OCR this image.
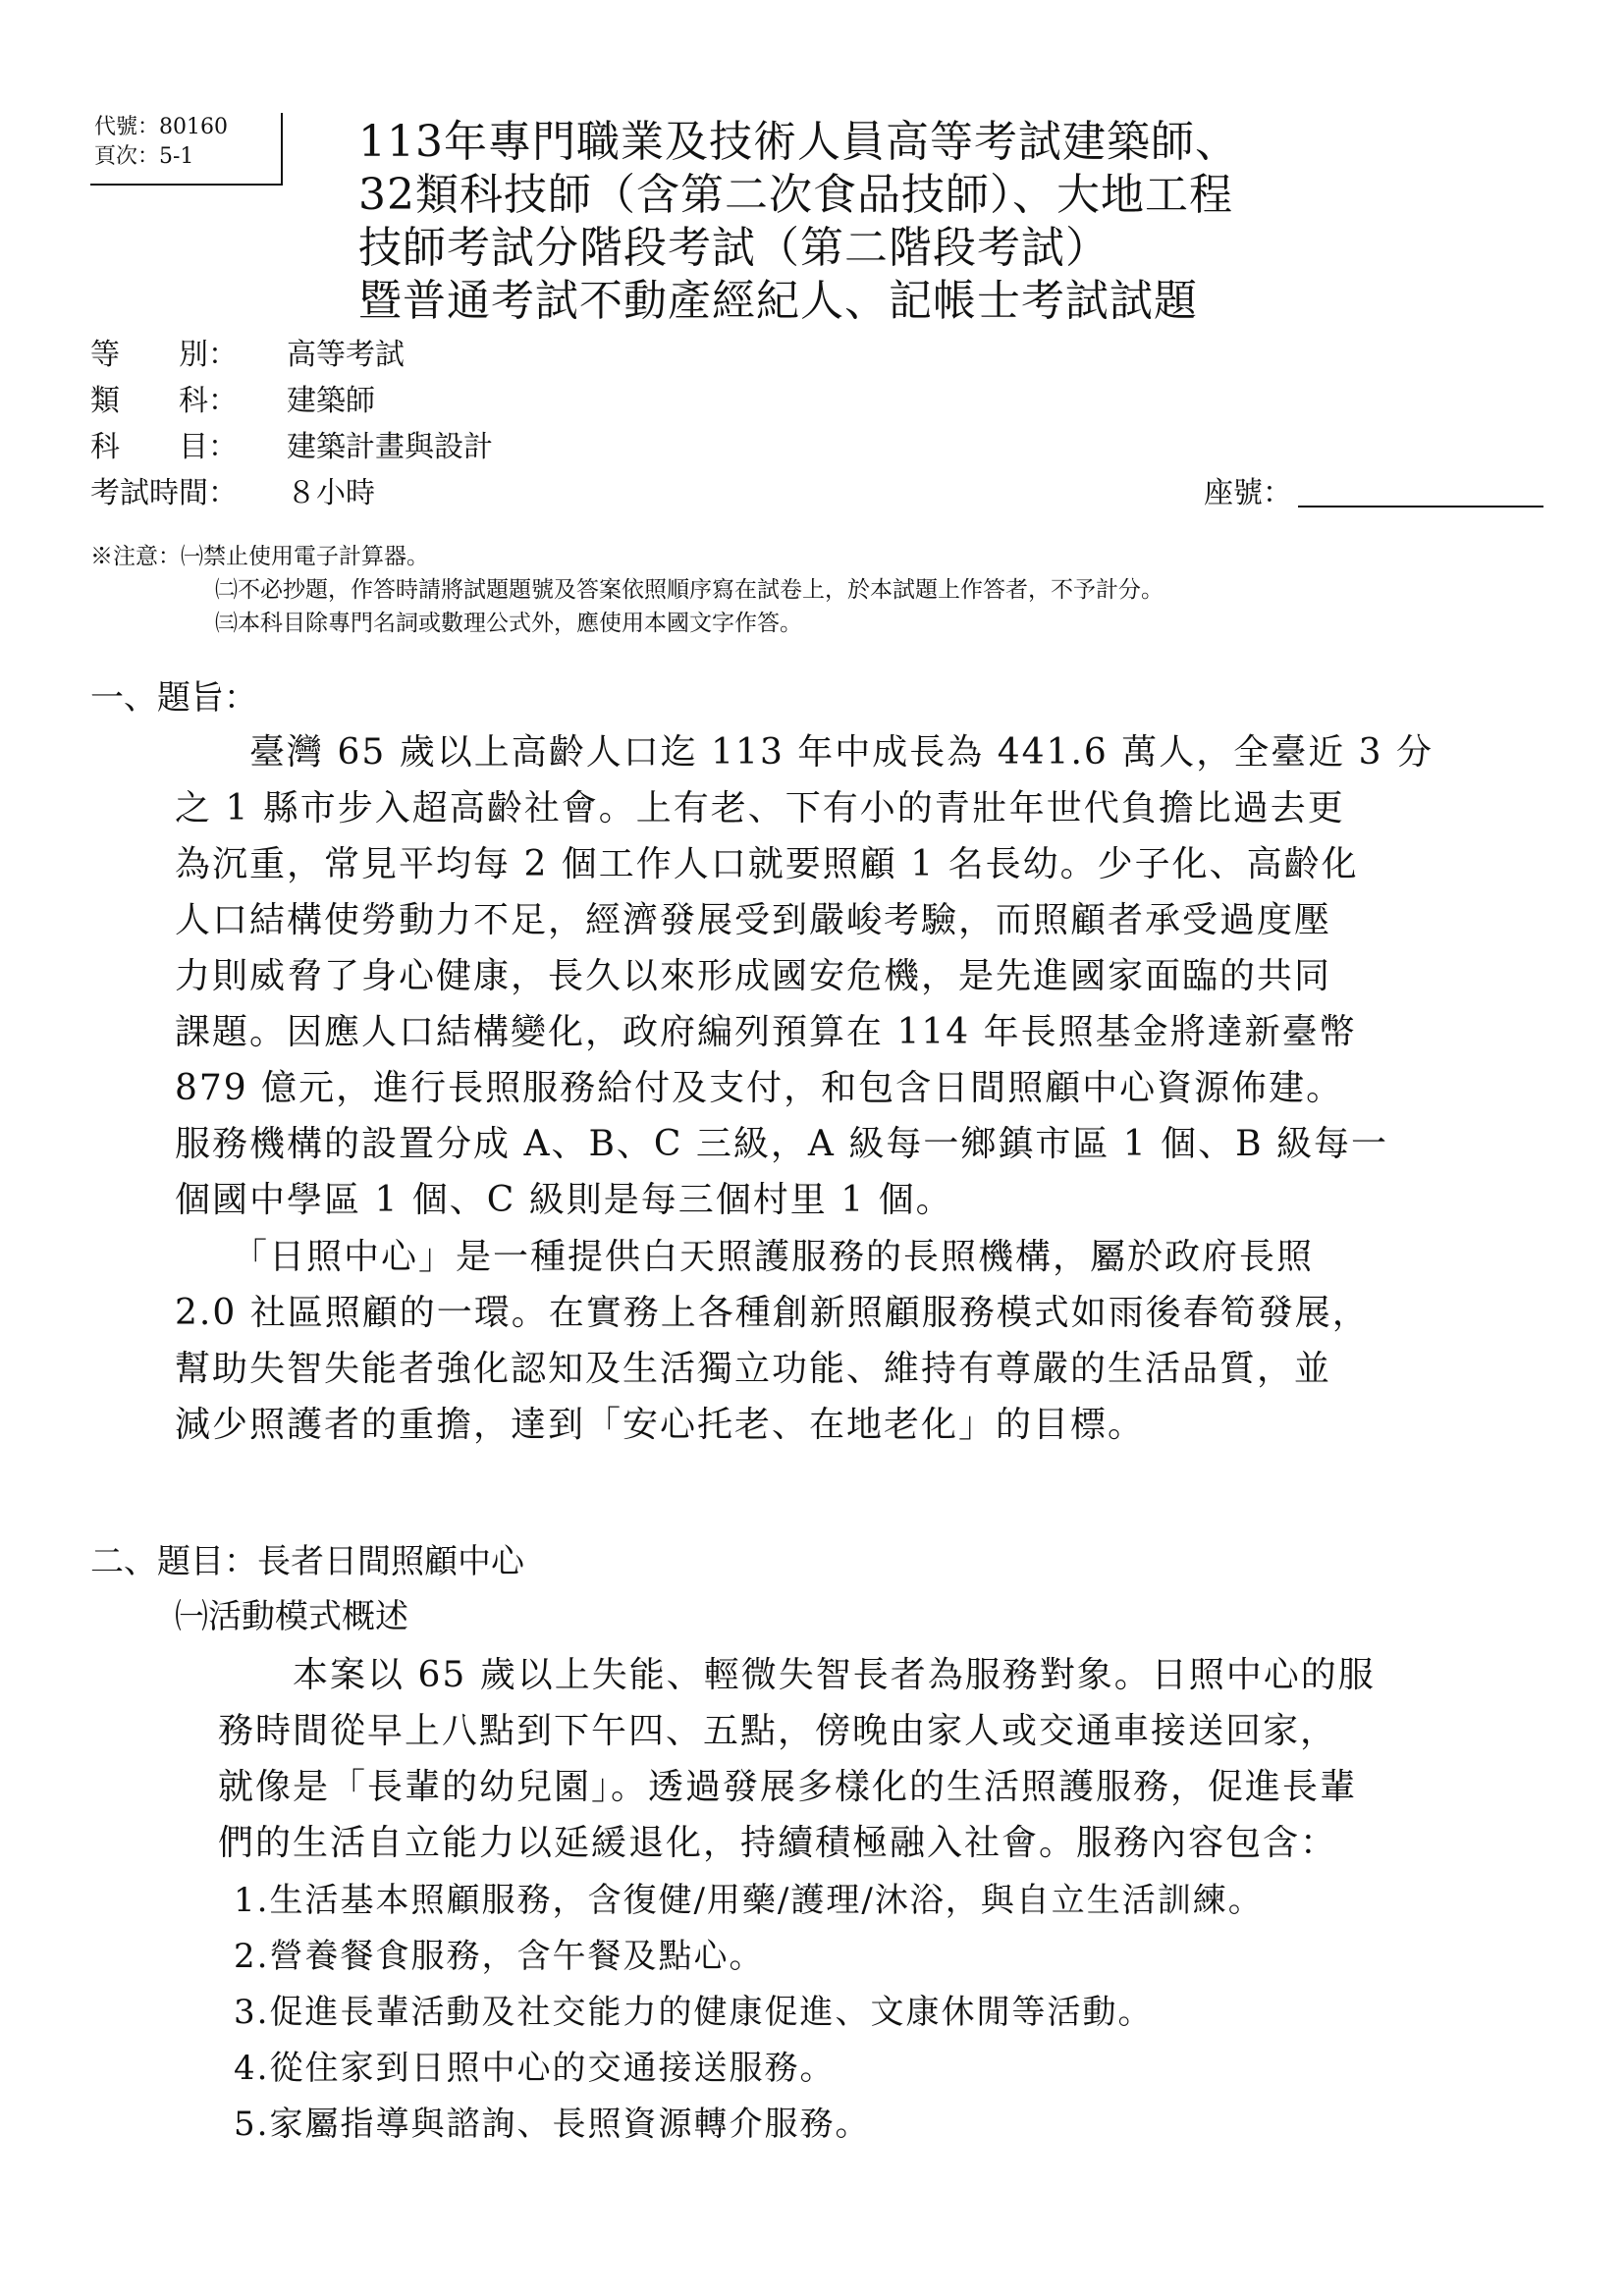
代號：80160
頁次：5-1	113年專門職業及技術人員高等考試建築師、
32類科技師（含第二次食品技師）、大地工程
技師考試分階段考試（第二階段考試）
暨普通考試不動產經紀人、記帳士考試試題
等　　別： 高等考試
類　　科： 建築師
科　　目： 建築計畫與設計
考試時間： ８小時	座號：
※注意：㈠禁止使用電子計算器。
㈡不必抄題，作答時請將試題題號及答案依照順序寫在試卷上，於本試題上作答者，不予計分。
㈢本科目除專門名詞或數理公式外，應使用本國文字作答。
一、題旨：
　　臺灣 65 歲以上高齡人口迄 113 年中成長為 441.6 萬人，全臺近 3 分
之 1 縣市步入超高齡社會。上有老、下有小的青壯年世代負擔比過去更
為沉重，常見平均每 2 個工作人口就要照顧 1 名長幼。少子化、高齡化
人口結構使勞動力不足，經濟發展受到嚴峻考驗，而照顧者承受過度壓
力則威脅了身心健康，長久以來形成國安危機，是先進國家面臨的共同
課題。因應人口結構變化，政府編列預算在 114 年長照基金將達新臺幣
879 億元，進行長照服務給付及支付，和包含日間照顧中心資源佈建。
服務機構的設置分成 A、B、C 三級，A 級每一鄉鎮市區 1 個、B 級每一
個國中學區 1 個、C 級則是每三個村里 1 個。
　　「日照中心」是一種提供白天照護服務的長照機構，屬於政府長照
2.0 社區照顧的一環。在實務上各種創新照顧服務模式如雨後春筍發展，
幫助失智失能者強化認知及生活獨立功能、維持有尊嚴的生活品質，並
減少照護者的重擔，達到「安心托老、在地老化」的目標。
二、題目：長者日間照顧中心
㈠活動模式概述
　　本案以 65 歲以上失能、輕微失智長者為服務對象。日照中心的服
務時間從早上八點到下午四、五點，傍晚由家人或交通車接送回家，
就像是「長輩的幼兒園」。透過發展多樣化的生活照護服務，促進長輩
們的生活自立能力以延緩退化，持續積極融入社會。服務內容包含：
1.生活基本照顧服務，含復健/用藥/護理/沐浴，與自立生活訓練。
2.營養餐食服務，含午餐及點心。
3.促進長輩活動及社交能力的健康促進、文康休閒等活動。
4.從住家到日照中心的交通接送服務。
5.家屬指導與諮詢、長照資源轉介服務。
